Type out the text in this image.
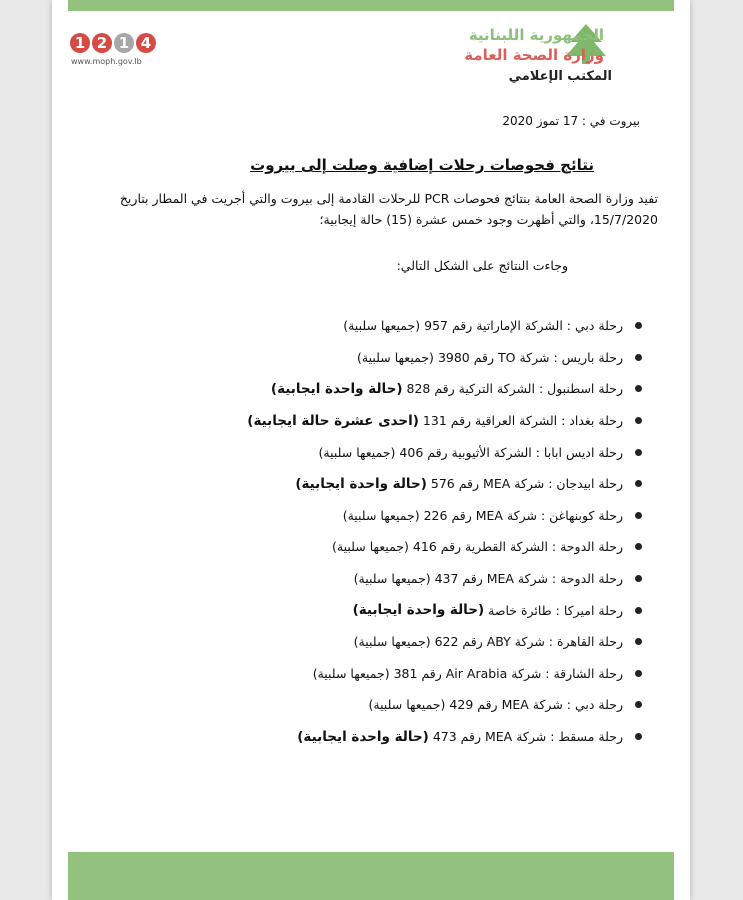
1 2 1 4
www.moph.gov.lb
الجمهورية اللبنانية
وزارة الصحة العامة
المكتب الإعلامي
بيروت في : 17 تموز 2020
نتائج فحوصات رحلات إضافية وصلت إلى بيروت
تفيد وزارة الصحة العامة بنتائج فحوصات PCR للرحلات القادمة إلى بيروت والتي أجريت في المطار بتاريخ 15/7/2020، والتي أظهرت وجود خمس عشرة (15) حالة إيجابية؛
وجاءت النتائج على الشكل التالي:
رحلة دبي : الشركة الإماراتية رقم 957
(جميعها سلبية)
رحلة باريس : شركة TO رقم 3980
(جميعها سلبية)
رحلة اسطنبول : الشركة التركية رقم 828
(حالة واحدة ايجابية)
رحلة بغداد : الشركة العراقية رقم 131
(احدى عشرة حالة ايجابية)
رحلة اديس ابابا : الشركة الأثيوبية رقم 406
(جميعها سلبية)
رحلة ابيدجان : شركة MEA رقم 576
(حالة واحدة ايجابية)
رحلة كوبنهاغن : شركة MEA رقم 226
(جميعها سلبية)
رحلة الدوحة : الشركة القطرية رقم 416
(جميعها سلبية)
رحلة الدوحة : شركة MEA رقم 437
(جميعها سلبية)
رحلة اميركا : طائرة خاصة
(حالة واحدة ايجابية)
رحلة القاهرة : شركة ABY رقم 622
(جميعها سلبية)
رحلة الشارقة : شركة Air Arabia رقم 381
(جميعها سلبية)
رحلة دبي : شركة MEA رقم 429
(جميعها سلبية)
رحلة مسقط : شركة MEA رقم 473
(حالة واحدة ايجابية)
